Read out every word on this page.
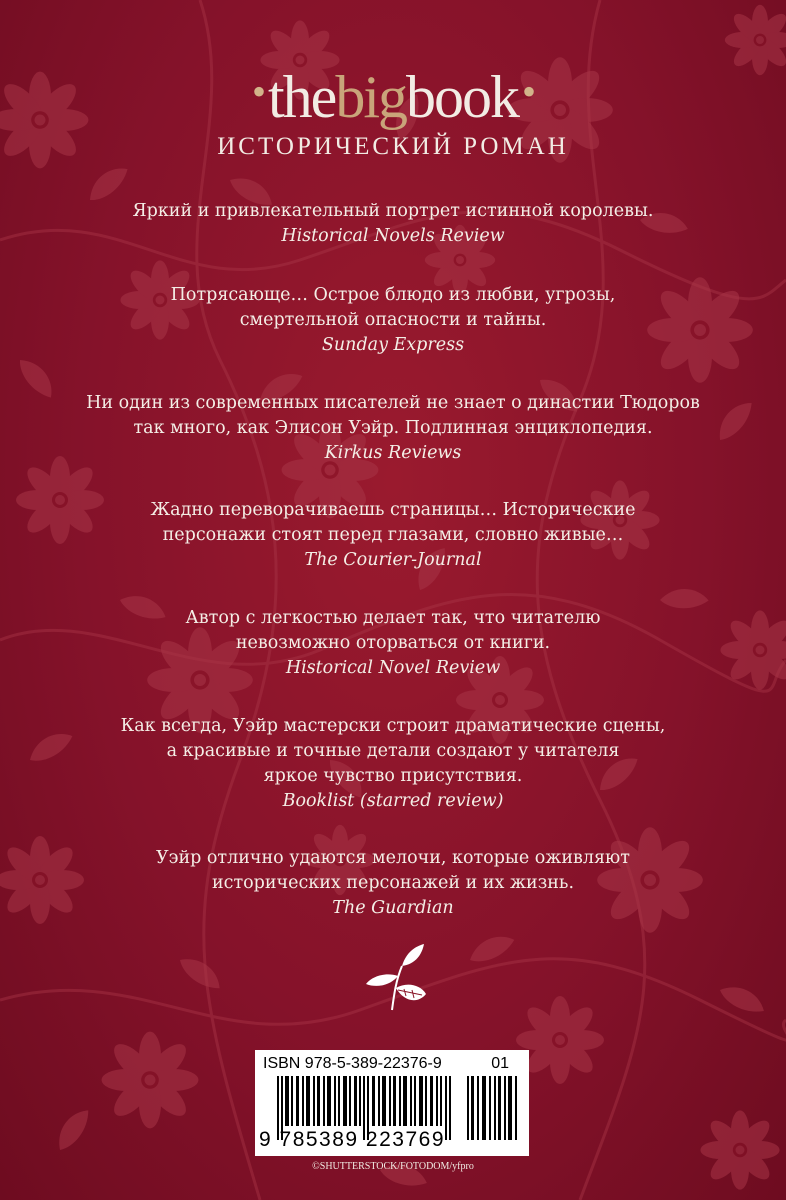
•thebigbook •
ИСТОРИЧЕСКИЙ РОМАН
Яркий и привлекательный портрет истинной королевы.
Historical Novels Review
Потрясающе… Острое блюдо из любви, угрозы,
смертельной опасности и тайны.
Sunday Express
Ни один из современных писателей не знает о династии Тюдоров
так много, как Элисон Уэйр. Подлинная энциклопедия.
Kirkus Reviews
Жадно переворачиваешь страницы… Исторические
персонажи стоят перед глазами, словно живые…
The Courier-Journal
Автор с легкостью делает так, что читателю
невозможно оторваться от книги.
Historical Novel Review
Как всегда, Уэйр мастерски строит драматические сцены,
а красивые и точные детали создают у читателя
яркое чувство присутствия.
Booklist (starred review)
Уэйр отлично удаются мелочи, которые оживляют
исторических персонажей и их жизнь.
The Guardian
ISBN 978-5-389-22376-9	01
9 785389 223769
©SHUTTERSTOCK/FOTODOM/yfpro
